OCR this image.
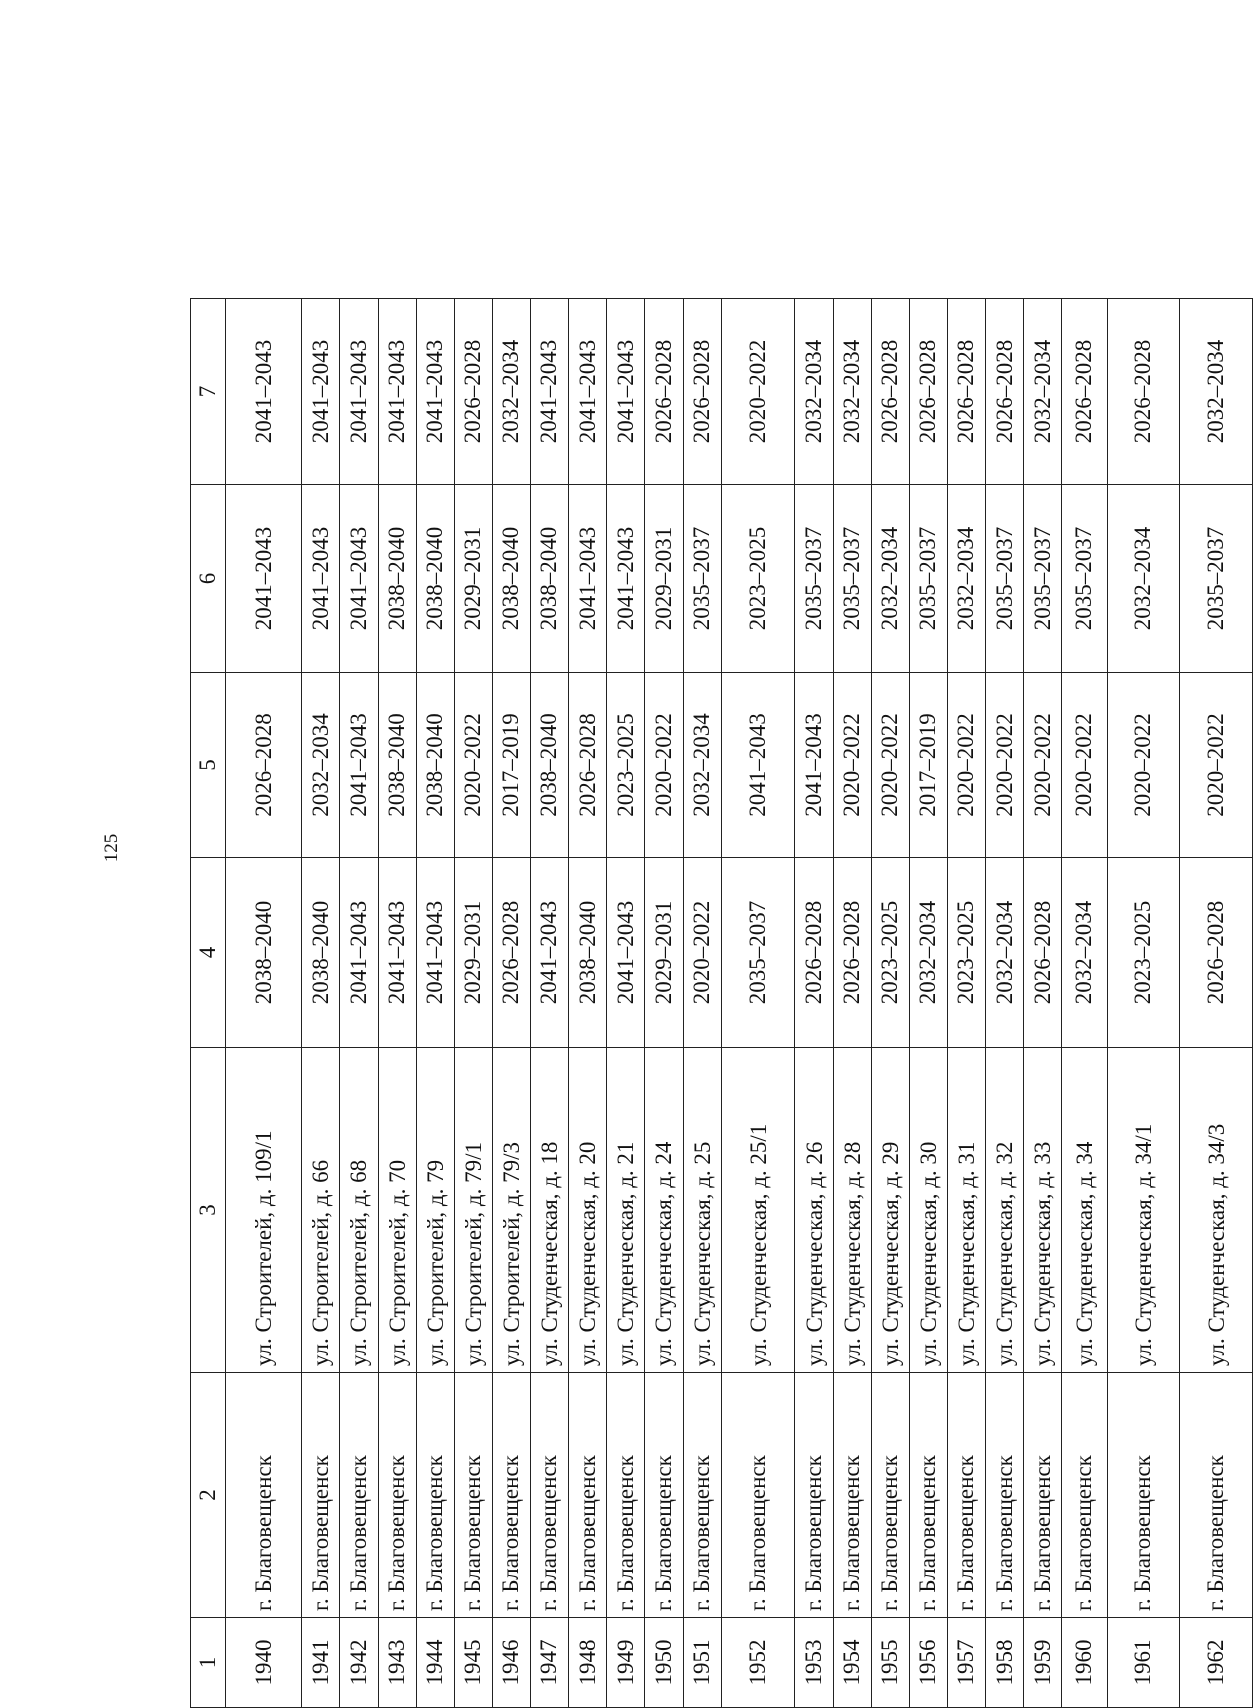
125
1	2	3	4	5	6	7
1940	г. Благовещенск	ул. Строителей, д. 109/1	2038–2040	2026–2028	2041–2043	2041–2043
1941	г. Благовещенск	ул. Строителей, д. 66	2038–2040	2032–2034	2041–2043	2041–2043
1942	г. Благовещенск	ул. Строителей, д. 68	2041–2043	2041–2043	2041–2043	2041–2043
1943	г. Благовещенск	ул. Строителей, д. 70	2041–2043	2038–2040	2038–2040	2041–2043
1944	г. Благовещенск	ул. Строителей, д. 79	2041–2043	2038–2040	2038–2040	2041–2043
1945	г. Благовещенск	ул. Строителей, д. 79/1	2029–2031	2020–2022	2029–2031	2026–2028
1946	г. Благовещенск	ул. Строителей, д. 79/3	2026–2028	2017–2019	2038–2040	2032–2034
1947	г. Благовещенск	ул. Студенческая, д. 18	2041–2043	2038–2040	2038–2040	2041–2043
1948	г. Благовещенск	ул. Студенческая, д. 20	2038–2040	2026–2028	2041–2043	2041–2043
1949	г. Благовещенск	ул. Студенческая, д. 21	2041–2043	2023–2025	2041–2043	2041–2043
1950	г. Благовещенск	ул. Студенческая, д. 24	2029–2031	2020–2022	2029–2031	2026–2028
1951	г. Благовещенск	ул. Студенческая, д. 25	2020–2022	2032–2034	2035–2037	2026–2028
1952	г. Благовещенск	ул. Студенческая, д. 25/1	2035–2037	2041–2043	2023–2025	2020–2022
1953	г. Благовещенск	ул. Студенческая, д. 26	2026–2028	2041–2043	2035–2037	2032–2034
1954	г. Благовещенск	ул. Студенческая, д. 28	2026–2028	2020–2022	2035–2037	2032–2034
1955	г. Благовещенск	ул. Студенческая, д. 29	2023–2025	2020–2022	2032–2034	2026–2028
1956	г. Благовещенск	ул. Студенческая, д. 30	2032–2034	2017–2019	2035–2037	2026–2028
1957	г. Благовещенск	ул. Студенческая, д. 31	2023–2025	2020–2022	2032–2034	2026–2028
1958	г. Благовещенск	ул. Студенческая, д. 32	2032–2034	2020–2022	2035–2037	2026–2028
1959	г. Благовещенск	ул. Студенческая, д. 33	2026–2028	2020–2022	2035–2037	2032–2034
1960	г. Благовещенск	ул. Студенческая, д. 34	2032–2034	2020–2022	2035–2037	2026–2028
1961	г. Благовещенск	ул. Студенческая, д. 34/1	2023–2025	2020–2022	2032–2034	2026–2028
1962	г. Благовещенск	ул. Студенческая, д. 34/3	2026–2028	2020–2022	2035–2037	2032–2034
